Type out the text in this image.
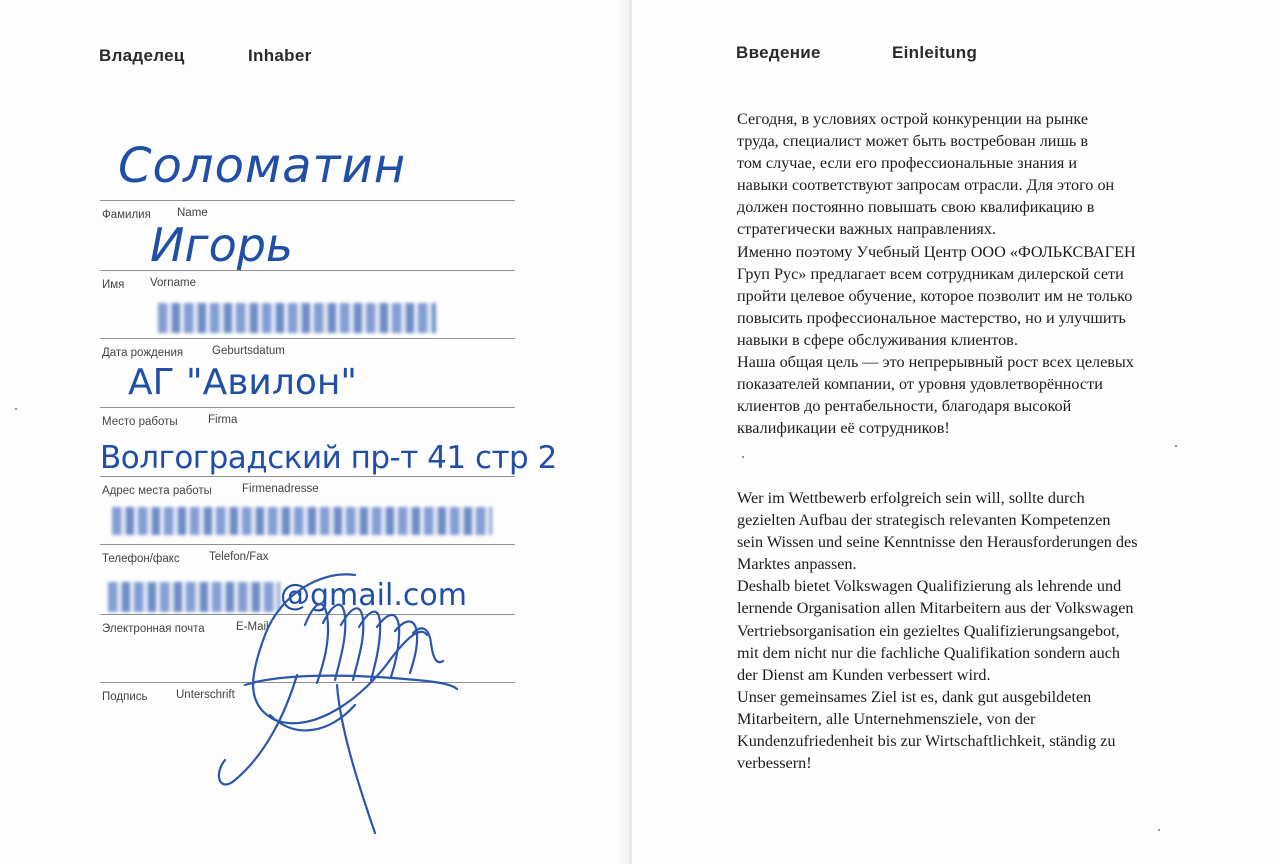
Владелец	Inhaber
Соломатин
Фамилия Name
Игорь
Имя Vorname
Дата рождения	Geburtsdatum
АГ "Авилон"
Место работы	Firma
Волгоградский пр-т 41 стр 2
Адрес места работы	Firmenadresse
Телефон/факс	Telefon/Fax
@gmail.com
Электронная почта	E-Mail
Подпись Unterschrift
Введение	Einleitung

Сегодня, в условиях острой конкуренции на рынке
труда, специалист может быть востребован лишь в
том случае, если его профессиональные знания и
навыки соответствуют запросам отрасли. Для этого он
должен постоянно повышать свою квалификацию в
стратегически важных направлениях.
Именно поэтому Учебный Центр ООО «ФОЛЬКСВАГЕН
Груп Рус» предлагает всем сотрудникам дилерской сети
пройти целевое обучение, которое позволит им не только
повысить профессиональное мастерство, но и улучшить
навыки в сфере обслуживания клиентов.
Наша общая цель — это непрерывный рост всех целевых
показателей компании, от уровня удовлетворённости
клиентов до рентабельности, благодаря высокой
квалификации её сотрудников!

Wer im Wettbewerb erfolgreich sein will, sollte durch
gezielten Aufbau der strategisch relevanten Kompetenzen
sein Wissen und seine Kenntnisse den Herausforderungen des
Marktes anpassen.
Deshalb bietet Volkswagen Qualifizierung als lehrende und
lernende Organisation allen Mitarbeitern aus der Volkswagen
Vertriebsorganisation ein gezieltes Qualifizierungsangebot,
mit dem nicht nur die fachliche Qualifikation sondern auch
der Dienst am Kunden verbessert wird.
Unser gemeinsames Ziel ist es, dank gut ausgebildeten
Mitarbeitern, alle Unternehmensziele, von der
Kundenzufriedenheit bis zur Wirtschaftlichkeit, ständig zu
verbessern!
